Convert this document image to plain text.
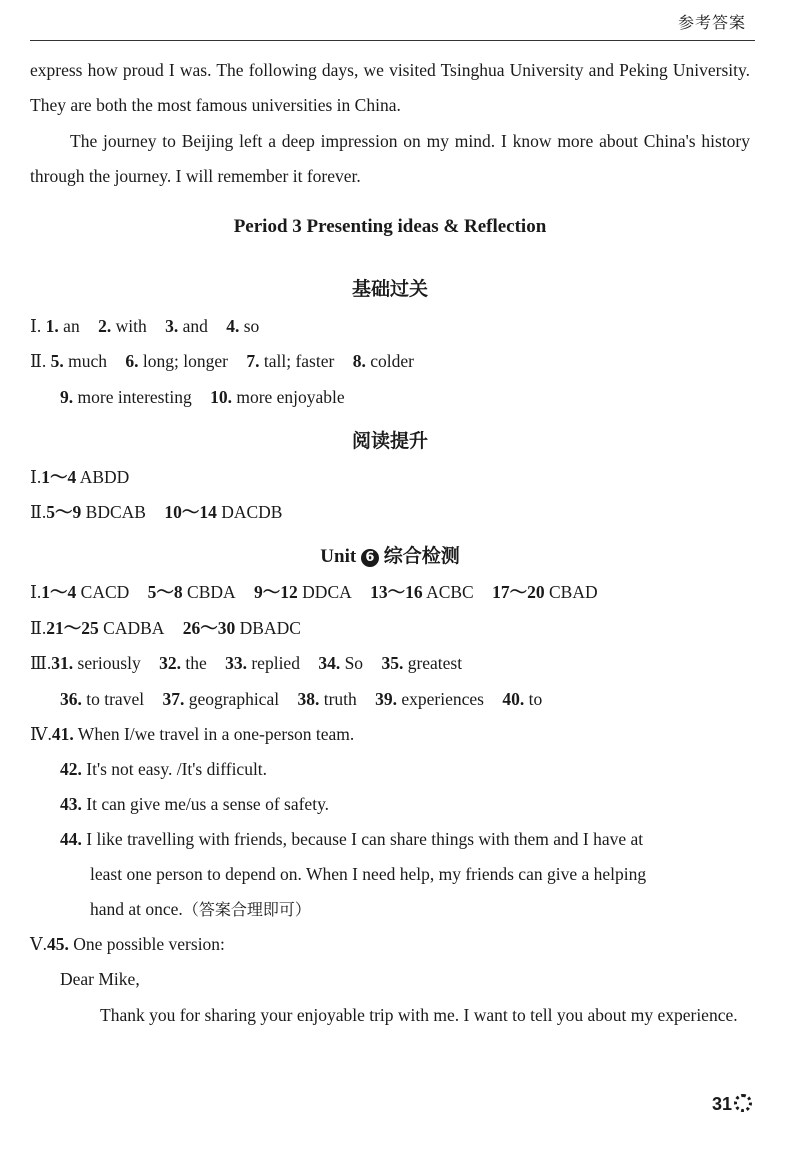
参考答案

express how proud I was. The following days, we visited Tsinghua University and Peking University. They are both the most famous universities in China.

The journey to Beijing left a deep impression on my mind. I know more about China's history through the journey. I will remember it forever.

Period 3 Presenting ideas & Reflection
基础过关
Ⅰ. 1. an 2. with 3. and 4. so
Ⅱ. 5. much 6. long; longer 7. tall; faster 8. colder
9. more interesting 10. more enjoyable
阅读提升
Ⅰ.1～4 ABDD
Ⅱ.5～9 BDCAB 10～14 DACDB
Unit 6 综合检测
Ⅰ.1～4 CACD 5～8 CBDA 9～12 DDCA 13～16 ACBC 17～20 CBAD
Ⅱ.21～25 CADBA 26～30 DBADC
Ⅲ.31. seriously 32. the 33. replied 34. So 35. greatest
36. to travel 37. geographical 38. truth 39. experiences 40. to
Ⅳ.41. When I/we travel in a one-person team.
42. It's not easy. /It's difficult.
43. It can give me/us a sense of safety.
44. I like travelling with friends, because I can share things with them and I have at
least one person to depend on. When I need help, my friends can give a helping
hand at once.（答案合理即可）
Ⅴ.45. One possible version:
Dear Mike,

Thank you for sharing your enjoyable trip with me. I want to tell you about my experience.

31
